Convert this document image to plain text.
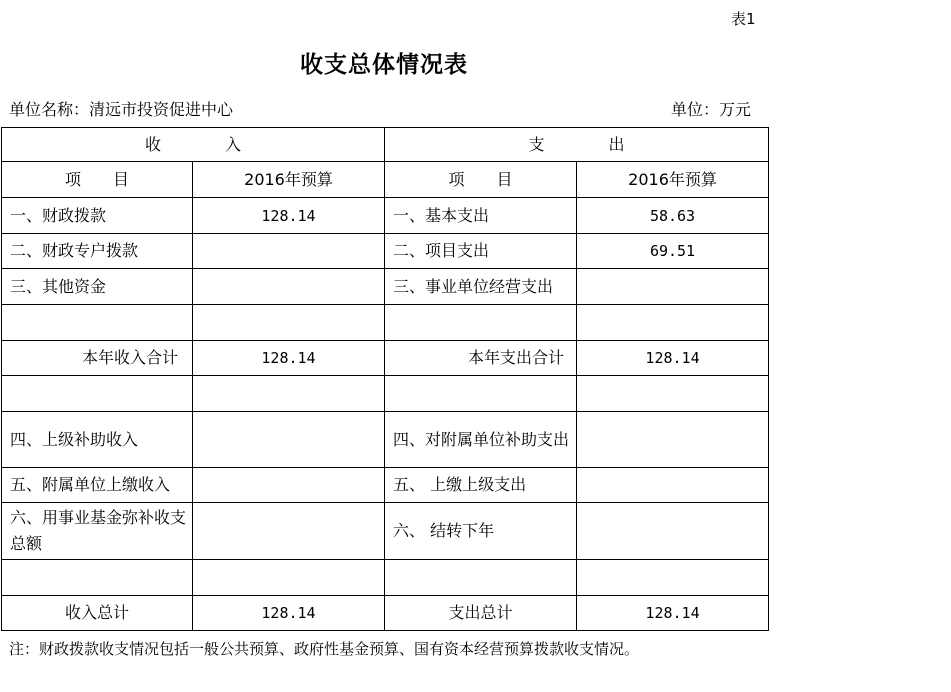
表1
收支总体情况表
单位名称：清远市投资促进中心	单位：万元
收　　　　入		支　　　　出	
项　　目	2016年预算	项　　目	2016年预算
一、财政拨款	128.14	一、基本支出	58.63
二、财政专户拨款		二、项目支出	69.51
三、其他资金		三、事业单位经营支出	

本年收入合计	128.14	本年支出合计	128.14

四、上级补助收入		四、对附属单位补助支出	
五、附属单位上缴收入		五、 上缴上级支出	
六、用事业基金弥补收支总额		六、 结转下年	

收入总计	128.14	支出总计	128.14
注：财政拨款收支情况包括一般公共预算、政府性基金预算、国有资本经营预算拨款收支情况。
